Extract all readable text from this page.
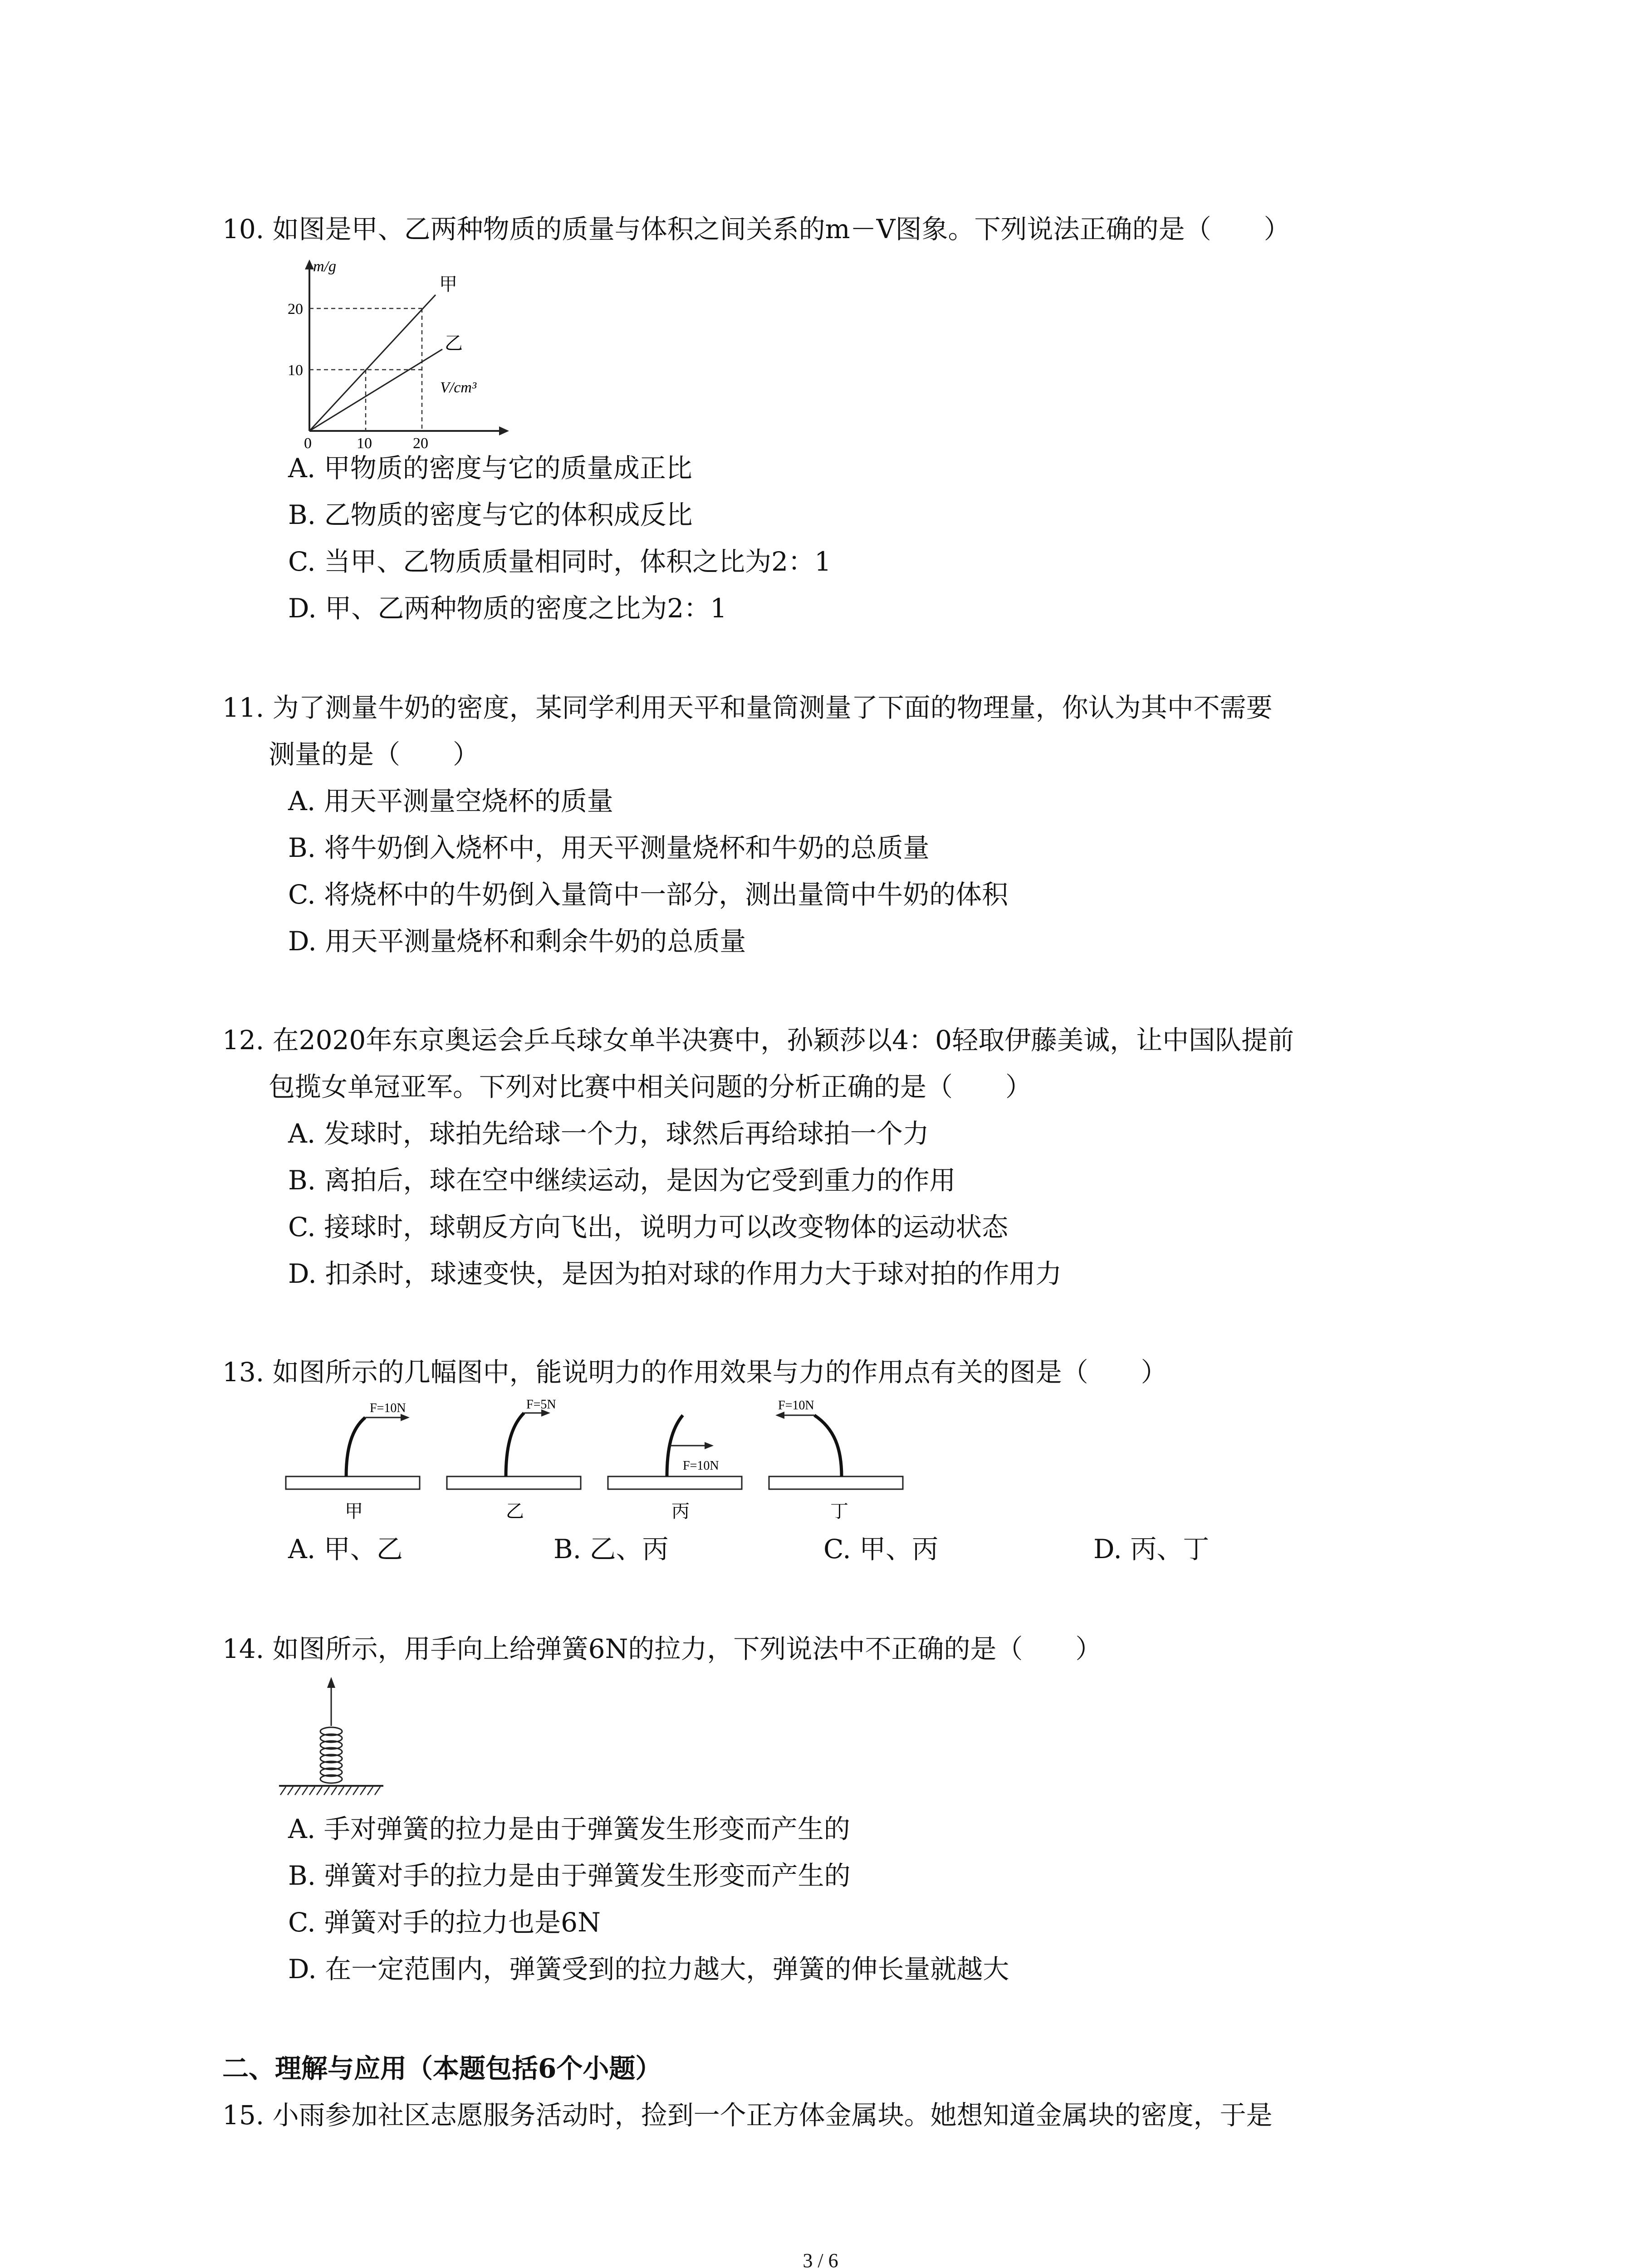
10. 如图是甲、乙两种物质的质量与体积之间关系的m－V图象。下列说法正确的是（　　）
m/g
V/cm³
20
10
0	10	20
甲
乙
A. 甲物质的密度与它的质量成正比
B. 乙物质的密度与它的体积成反比
C. 当甲、乙物质质量相同时，体积之比为2：1
D. 甲、乙两种物质的密度之比为2：1
11. 为了测量牛奶的密度，某同学利用天平和量筒测量了下面的物理量，你认为其中不需要
测量的是（　　）
A. 用天平测量空烧杯的质量
B. 将牛奶倒入烧杯中，用天平测量烧杯和牛奶的总质量
C. 将烧杯中的牛奶倒入量筒中一部分，测出量筒中牛奶的体积
D. 用天平测量烧杯和剩余牛奶的总质量
12. 在2020年东京奥运会乒乓球女单半决赛中，孙颖莎以4：0轻取伊藤美诚，让中国队提前
包揽女单冠亚军。下列对比赛中相关问题的分析正确的是（　　）
A. 发球时，球拍先给球一个力，球然后再给球拍一个力
B. 离拍后，球在空中继续运动，是因为它受到重力的作用
C. 接球时，球朝反方向飞出，说明力可以改变物体的运动状态
D. 扣杀时，球速变快，是因为拍对球的作用力大于球对拍的作用力
13. 如图所示的几幅图中，能说明力的作用效果与力的作用点有关的图是（　　）
F=10N
甲
F=5N
乙
F=10N
丙
F=10N
丁
A. 甲、乙	B. 乙、丙	C. 甲、丙	D. 丙、丁
14. 如图所示，用手向上给弹簧6N的拉力，下列说法中不正确的是（　　）
A. 手对弹簧的拉力是由于弹簧发生形变而产生的
B. 弹簧对手的拉力是由于弹簧发生形变而产生的
C. 弹簧对手的拉力也是6N
D. 在一定范围内，弹簧受到的拉力越大，弹簧的伸长量就越大
二、理解与应用（本题包括6个小题）
15. 小雨参加社区志愿服务活动时，捡到一个正方体金属块。她想知道金属块的密度，于是
3 / 6
